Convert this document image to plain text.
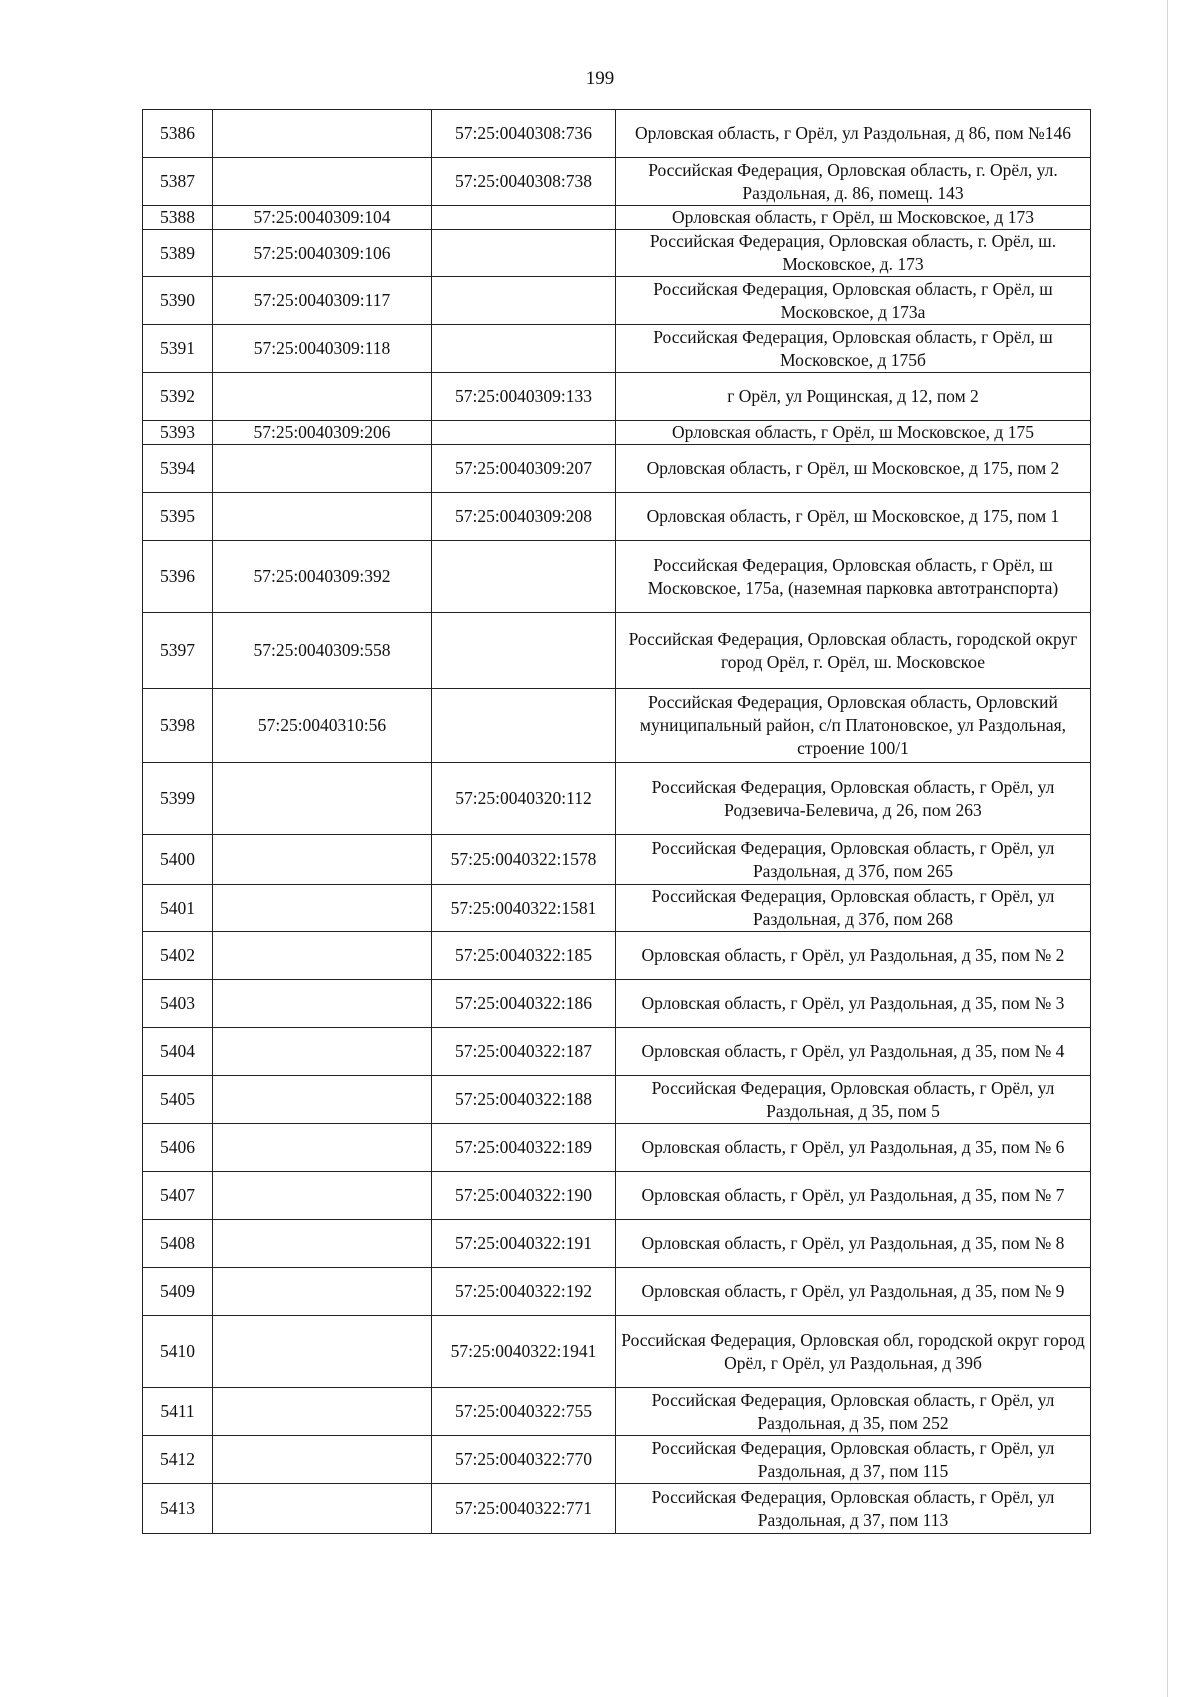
199
5386		57:25:0040308:736	Орловская область, г Орёл, ул Раздольная, д 86, пом №146
5387		57:25:0040308:738	Российская Федерация, Орловская область, г. Орёл, ул. Раздольная, д. 86, помещ. 143
5388	57:25:0040309:104		Орловская область, г Орёл, ш Московское, д 173
5389	57:25:0040309:106		Российская Федерация, Орловская область, г. Орёл, ш. Московское, д. 173
5390	57:25:0040309:117		Российская Федерация, Орловская область, г Орёл, ш Московское, д 173а
5391	57:25:0040309:118		Российская Федерация, Орловская область, г Орёл, ш Московское, д 175б
5392		57:25:0040309:133	г Орёл, ул Рощинская, д 12, пом 2
5393	57:25:0040309:206		Орловская область, г Орёл, ш Московское, д 175
5394		57:25:0040309:207	Орловская область, г Орёл, ш Московское, д 175, пом 2
5395		57:25:0040309:208	Орловская область, г Орёл, ш Московское, д 175, пом 1
5396	57:25:0040309:392		Российская Федерация, Орловская область, г Орёл, ш Московское, 175а, (наземная парковка автотранспорта)
5397	57:25:0040309:558		Российская Федерация, Орловская область, городской округ город Орёл, г. Орёл, ш. Московское
5398	57:25:0040310:56		Российская Федерация, Орловская область, Орловский муниципальный район, с/п Платоновское, ул Раздольная, строение 100/1
5399		57:25:0040320:112	Российская Федерация, Орловская область, г Орёл, ул Родзевича-Белевича, д 26, пом 263
5400		57:25:0040322:1578	Российская Федерация, Орловская область, г Орёл, ул Раздольная, д 37б, пом 265
5401		57:25:0040322:1581	Российская Федерация, Орловская область, г Орёл, ул Раздольная, д 37б, пом 268
5402		57:25:0040322:185	Орловская область, г Орёл, ул Раздольная, д 35, пом № 2
5403		57:25:0040322:186	Орловская область, г Орёл, ул Раздольная, д 35, пом № 3
5404		57:25:0040322:187	Орловская область, г Орёл, ул Раздольная, д 35, пом № 4
5405		57:25:0040322:188	Российская Федерация, Орловская область, г Орёл, ул Раздольная, д 35, пом 5
5406		57:25:0040322:189	Орловская область, г Орёл, ул Раздольная, д 35, пом № 6
5407		57:25:0040322:190	Орловская область, г Орёл, ул Раздольная, д 35, пом № 7
5408		57:25:0040322:191	Орловская область, г Орёл, ул Раздольная, д 35, пом № 8
5409		57:25:0040322:192	Орловская область, г Орёл, ул Раздольная, д 35, пом № 9
5410		57:25:0040322:1941	Российская Федерация, Орловская обл, городской округ город Орёл, г Орёл, ул Раздольная, д 39б
5411		57:25:0040322:755	Российская Федерация, Орловская область, г Орёл, ул Раздольная, д 35, пом 252
5412		57:25:0040322:770	Российская Федерация, Орловская область, г Орёл, ул Раздольная, д 37, пом 115
5413		57:25:0040322:771	Российская Федерация, Орловская область, г Орёл, ул Раздольная, д 37, пом 113
